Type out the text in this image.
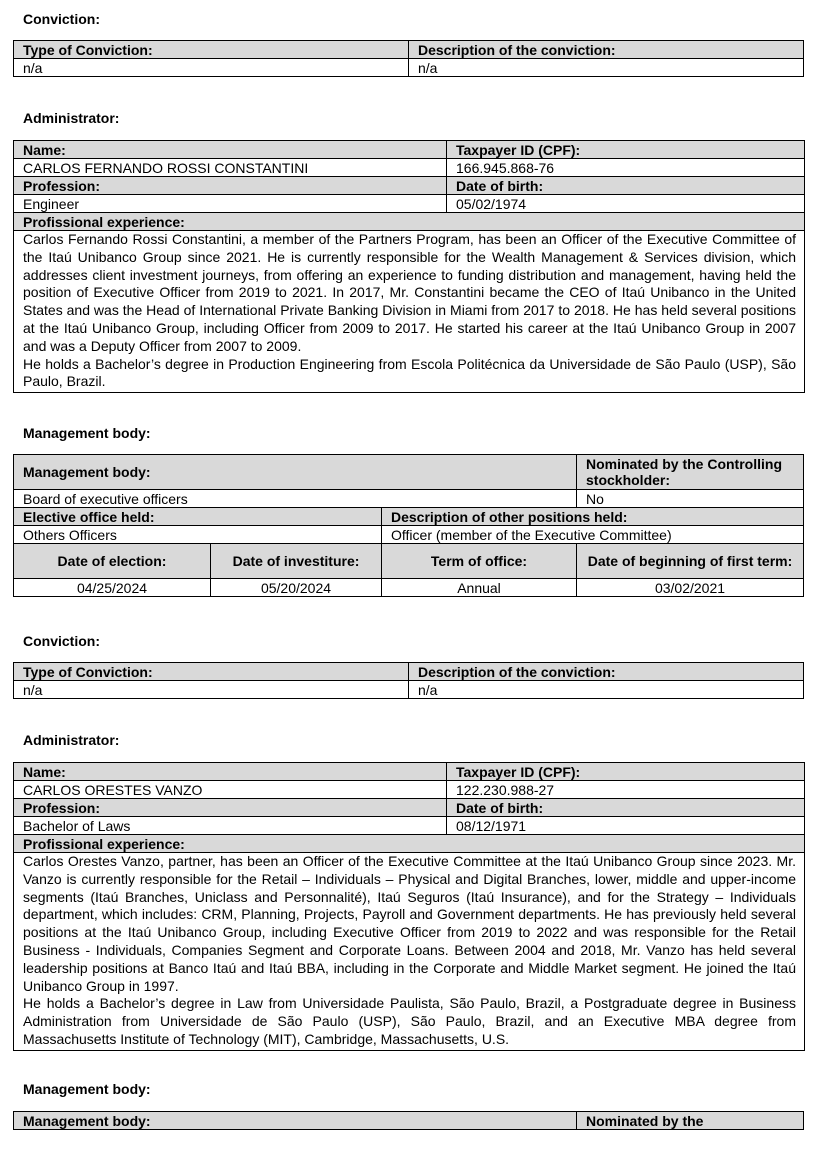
Conviction:
Type of Conviction:	Description of the conviction:
n/a	n/a
Administrator:
Name:	Taxpayer ID (CPF):
CARLOS FERNANDO ROSSI CONSTANTINI	166.945.868-76
Profession:	Date of birth:
Engineer	05/02/1974
Profissional experience:	

Carlos Fernando Rossi Constantini, a member of the Partners Program, has been an Officer of the Executive Committee of the Itaú Unibanco Group since 2021. He is currently responsible for the Wealth Management & Services division, which addresses client investment journeys, from offering an experience to funding distribution and management, having held the position of Executive Officer from 2019 to 2021. In 2017, Mr. Constantini became the CEO of Itaú Unibanco in the United States and was the Head of International Private Banking Division in Miami from 2017 to 2018. He has held several positions at the Itaú Unibanco Group, including Officer from 2009 to 2017. He started his career at the Itaú Unibanco Group in 2007 and was a Deputy Officer from 2007 to 2009.
He holds a Bachelor’s degree in Production Engineering from Escola Politécnica da Universidade de São Paulo (USP), São Paulo, Brazil.	
Management body:
Management body:			Nominated by the Controlling stockholder:
Board of executive officers			No
Elective office held:		Description of other positions held:	
Others Officers		Officer (member of the Executive Committee)	
Date of election:	Date of investiture:	Term of office:	Date of beginning of first term:
04/25/2024	05/20/2024	Annual	03/02/2021
Conviction:
Type of Conviction:	Description of the conviction:
n/a	n/a
Administrator:
Name:	Taxpayer ID (CPF):
CARLOS ORESTES VANZO	122.230.988-27
Profession:	Date of birth:
Bachelor of Laws	08/12/1971
Profissional experience:	

Carlos Orestes Vanzo, partner, has been an Officer of the Executive Committee at the Itaú Unibanco Group since 2023. Mr. Vanzo is currently responsible for the Retail – Individuals – Physical and Digital Branches, lower, middle and upper-income segments (Itaú Branches, Uniclass and Personnalité), Itaú Seguros (Itaú Insurance), and for the Strategy – Individuals department, which includes: CRM, Planning, Projects, Payroll and Government departments. He has previously held several positions at the Itaú Unibanco Group, including Executive Officer from 2019 to 2022 and was responsible for the Retail Business - Individuals, Companies Segment and Corporate Loans. Between 2004 and 2018, Mr. Vanzo has held several leadership positions at Banco Itaú and Itaú BBA, including in the Corporate and Middle Market segment. He joined the Itaú Unibanco Group in 1997.
He holds a Bachelor’s degree in Law from Universidade Paulista, São Paulo, Brazil, a Postgraduate degree in Business Administration from Universidade de São Paulo (USP), São Paulo, Brazil, and an Executive MBA degree from Massachusetts Institute of Technology (MIT), Cambridge, Massachusetts, U.S.	
Management body:
Management body:	Nominated by the
